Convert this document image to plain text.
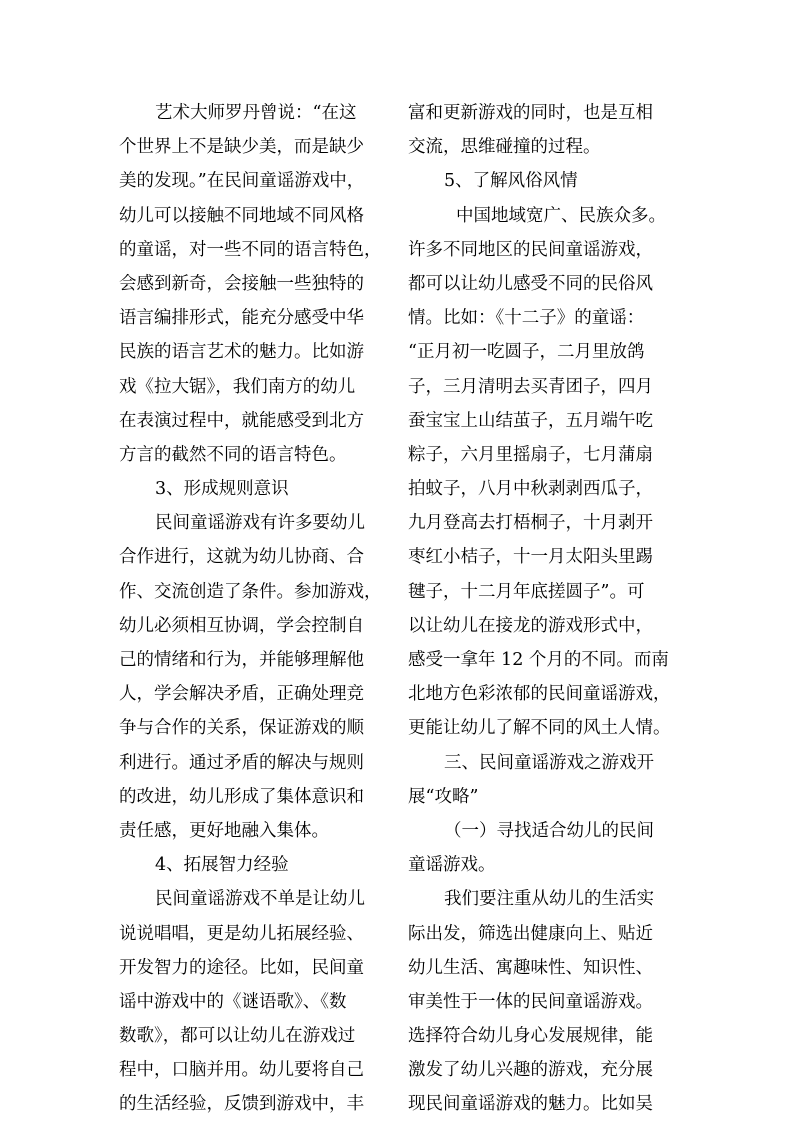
艺术大师罗丹曾说：“在这
个世界上不是缺少美，而是缺少
美的发现。”在民间童谣游戏中，
幼儿可以接触不同地域不同风格
的童谣，对一些不同的语言特色，
会感到新奇，会接触一些独特的
语言编排形式，能充分感受中华
民族的语言艺术的魅力。比如游
戏《拉大锯》，我们南方的幼儿
在表演过程中，就能感受到北方
方言的截然不同的语言特色。
3、形成规则意识
民间童谣游戏有许多要幼儿
合作进行，这就为幼儿协商、合
作、交流创造了条件。参加游戏，
幼儿必须相互协调，学会控制自
己的情绪和行为，并能够理解他
人，学会解决矛盾，正确处理竞
争与合作的关系，保证游戏的顺
利进行。通过矛盾的解决与规则
的改进，幼儿形成了集体意识和
责任感，更好地融入集体。
4、拓展智力经验
民间童谣游戏不单是让幼儿
说说唱唱，更是幼儿拓展经验、
开发智力的途径。比如，民间童
谣中游戏中的《谜语歌》、《数
数歌》，都可以让幼儿在游戏过
程中，口脑并用。幼儿要将自己
的生活经验，反馈到游戏中，丰
富和更新游戏的同时，也是互相
交流，思维碰撞的过程。
5、了解风俗风情
中国地域宽广、民族众多。
许多不同地区的民间童谣游戏，
都可以让幼儿感受不同的民俗风
情。比如：《十二子》的童谣：
“正月初一吃圆子，二月里放鸽
子，三月清明去买青团子，四月
蚕宝宝上山结茧子，五月端午吃
粽子，六月里摇扇子，七月蒲扇
拍蚊子，八月中秋剥剥西瓜子，
九月登高去打梧桐子，十月剥开
枣红小桔子，十一月太阳头里踢
毽子，十二月年底搓圆子”。可
以让幼儿在接龙的游戏形式中，
感受一拿年 12 个月的不同。而南
北地方色彩浓郁的民间童谣游戏，
更能让幼儿了解不同的风土人情。
三、民间童谣游戏之游戏开
展“攻略”
（一）寻找适合幼儿的民间
童谣游戏。
我们要注重从幼儿的生活实
际出发，筛选出健康向上、贴近
幼儿生活、寓趣味性、知识性、
审美性于一体的民间童谣游戏。
选择符合幼儿身心发展规律，能
激发了幼儿兴趣的游戏，充分展
现民间童谣游戏的魅力。比如吴
